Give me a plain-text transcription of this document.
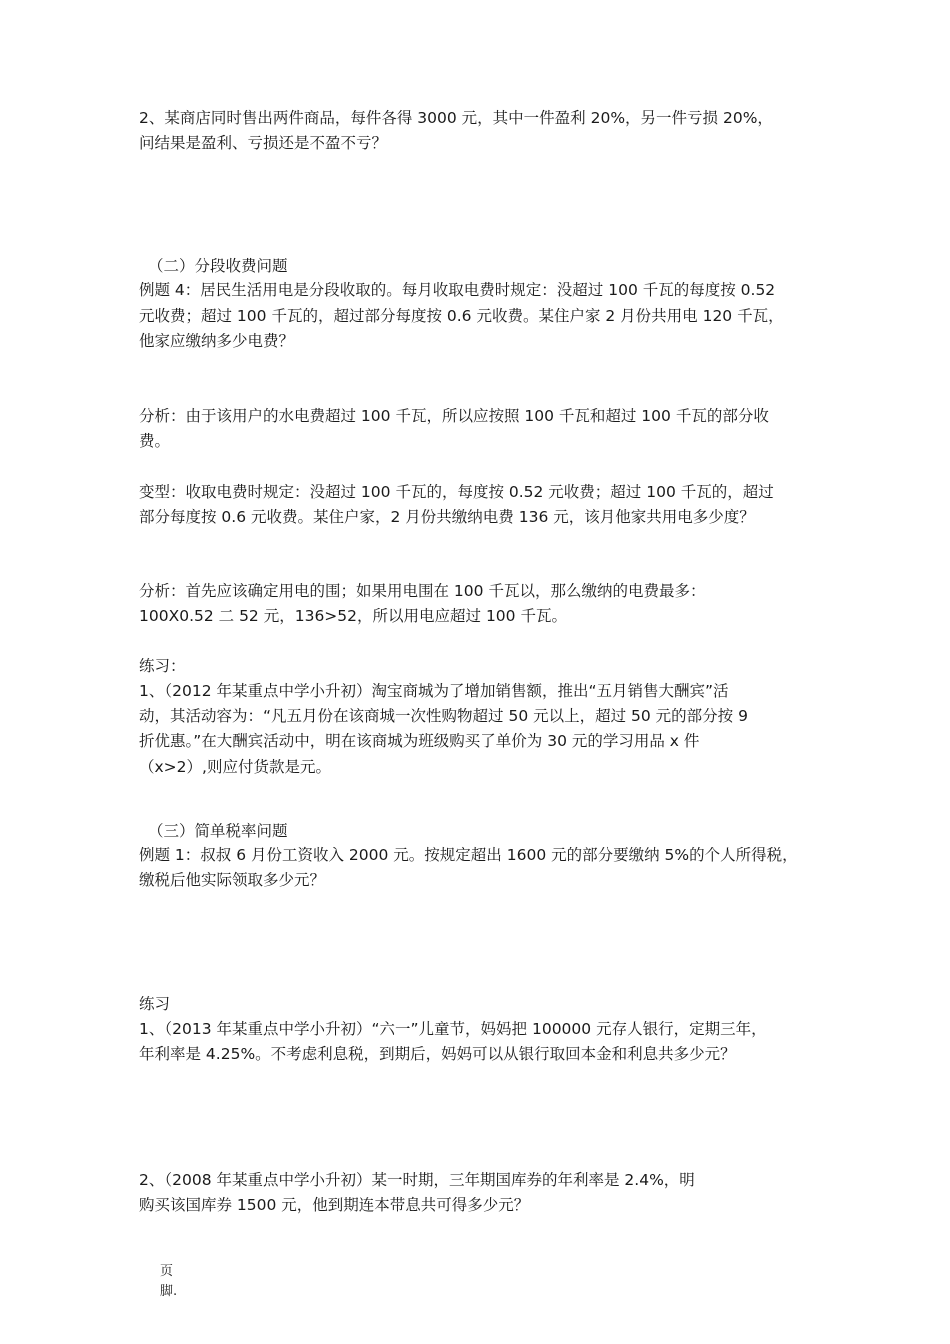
2、某商店同时售出两件商品，每件各得 3000 元，其中一件盈利 20%，另一件亏损 20%，
问结果是盈利、亏损还是不盈不亏？
（二）分段收费问题
例题 4：居民生活用电是分段收取的。每月收取电费时规定：没超过 100 千瓦的每度按 0.52
元收费；超过 100 千瓦的，超过部分每度按 0.6 元收费。某住户家 2 月份共用电 120 千瓦，
他家应缴纳多少电费？
分析：由于该用户的水电费超过 100 千瓦，所以应按照 100 千瓦和超过 100 千瓦的部分收
费。
变型：收取电费时规定：没超过 100 千瓦的，每度按 0.52 元收费；超过 100 千瓦的，超过
部分每度按 0.6 元收费。某住户家，2 月份共缴纳电费 136 元，该月他家共用电多少度？
分析：首先应该确定用电的围；如果用电围在 100 千瓦以，那么缴纳的电费最多：
100X0.52 二 52 元，136>52，所以用电应超过 100 千瓦。
练习：
1、（2012 年某重点中学小升初）淘宝商城为了增加销售额，推出“五月销售大酬宾”活
动，其活动容为：“凡五月份在该商城一次性购物超过 50 元以上，超过 50 元的部分按 9
折优惠。”在大酬宾活动中，明在该商城为班级购买了单价为 30 元的学习用品 x 件
（x>2）,则应付货款是元。
（三）简单税率问题
例题 1：叔叔 6 月份工资收入 2000 元。按规定超出 1600 元的部分要缴纳 5%的个人所得税，
缴税后他实际领取多少元？
练习
1、（2013 年某重点中学小升初）“六一”儿童节，妈妈把 100000 元存人银行，定期三年，
年利率是 4.25%。不考虑利息税，到期后，妈妈可以从银行取回本金和利息共多少元？
2、（2008 年某重点中学小升初）某一时期，三年期国库券的年利率是 2.4%，明
购买该国库券 1500 元，他到期连本带息共可得多少元？
页
脚.
